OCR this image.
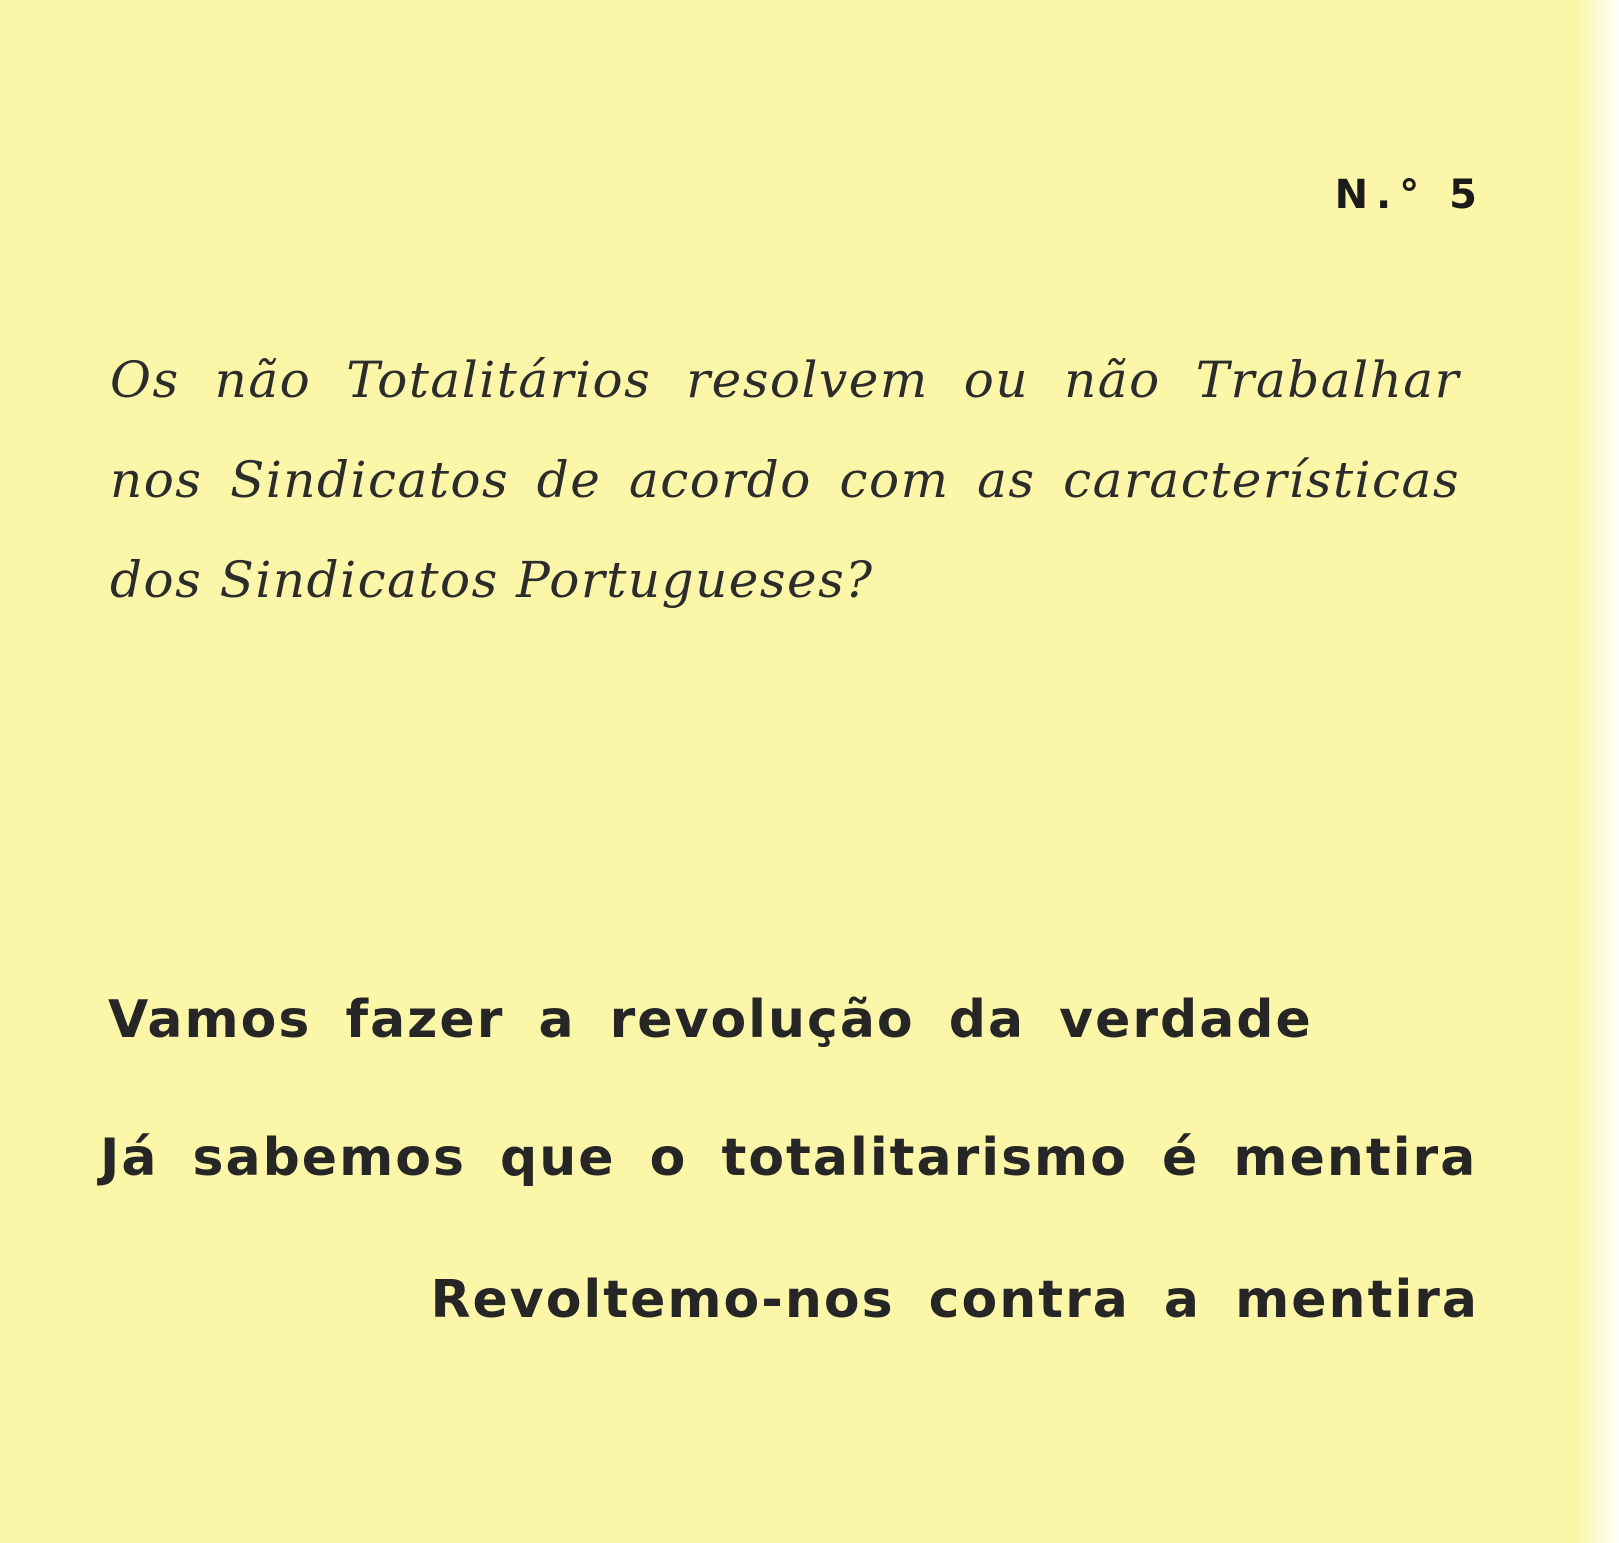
N.° 5

Os não Totalitários resolvem ou não Trabalhar
nos Sindicatos de acordo com as características
dos Sindicatos Portugueses?

Vamos fazer a revolução da verdade

Já sabemos que o totalitarismo é mentira

Revoltemo-nos contra a mentira
